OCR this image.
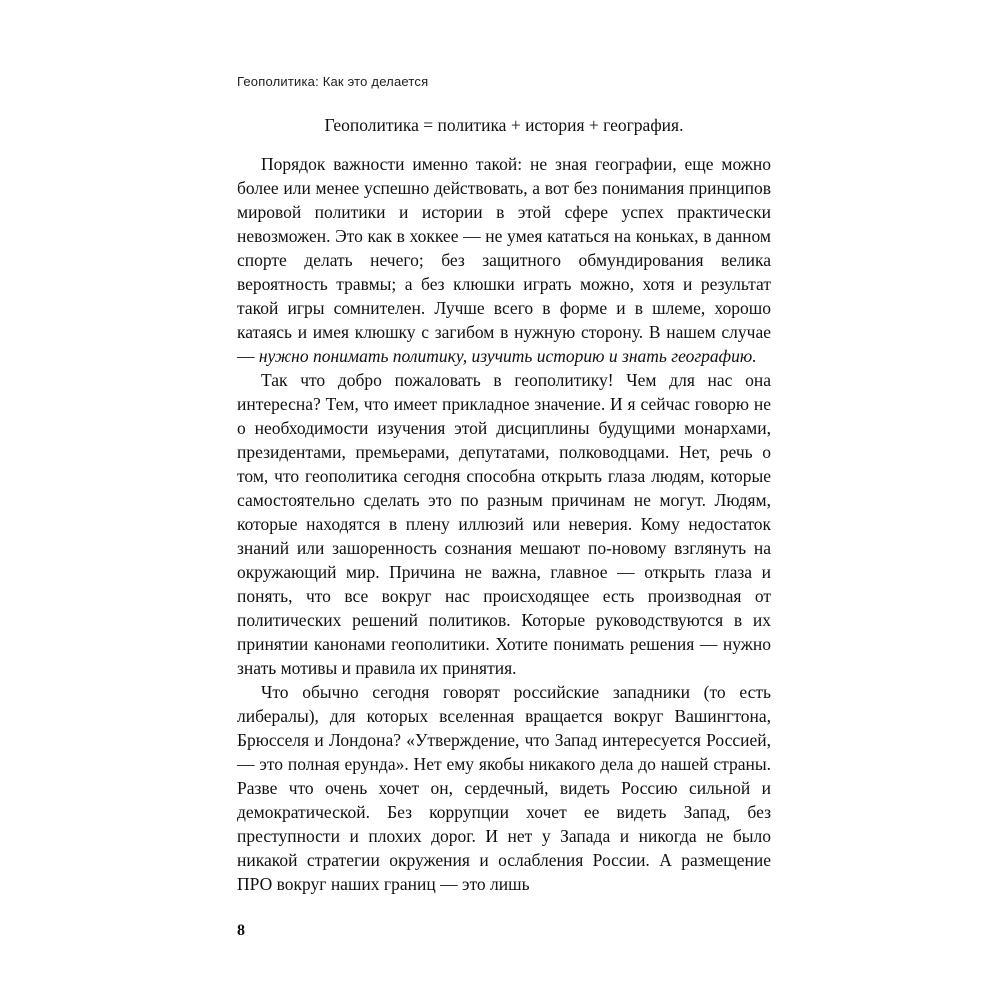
Геополитика: Как это делается
Геополитика = политика + история + география.

Порядок важности именно такой: не зная географии, еще можно более или менее успешно действовать, а вот без понимания принципов мировой политики и истории в этой сфере успех практически невозможен. Это как в хоккее — не умея кататься на коньках, в данном спорте делать нечего; без защитного обмундирования велика вероятность травмы; а без клюшки играть можно, хотя и результат такой игры сомнителен. Лучше всего в форме и в шлеме, хорошо катаясь и имея клюшку с загибом в нужную сторону. В нашем случае — нужно понимать политику, изучить историю и знать географию.

Так что добро пожаловать в геополитику! Чем для нас она интересна? Тем, что имеет прикладное значение. И я сейчас говорю не о необходимости изучения этой дисциплины будущими монархами, президентами, премьерами, депутатами, полководцами. Нет, речь о том, что геополитика сегодня способна открыть глаза людям, которые самостоятельно сделать это по разным причинам не могут. Людям, которые находятся в плену иллюзий или неверия. Кому недостаток знаний или зашоренность сознания мешают по-новому взглянуть на окружающий мир. Причина не важна, главное — открыть глаза и понять, что все вокруг нас происходящее есть производная от политических решений политиков. Которые руководствуются в их принятии канонами геополитики. Хотите понимать решения — нужно знать мотивы и правила их принятия.

Что обычно сегодня говорят российские западники (то есть либералы), для которых вселенная вращается вокруг Вашингтона, Брюсселя и Лондона? «Утверждение, что Запад интересуется Россией, — это полная ерунда». Нет ему якобы никакого дела до нашей страны. Разве что очень хочет он, сердечный, видеть Россию сильной и демократической. Без коррупции хочет ее видеть Запад, без преступности и плохих дорог. И нет у Запада и никогда не было никакой стратегии окружения и ослабления России. А размещение ПРО вокруг наших границ — это лишь

8
